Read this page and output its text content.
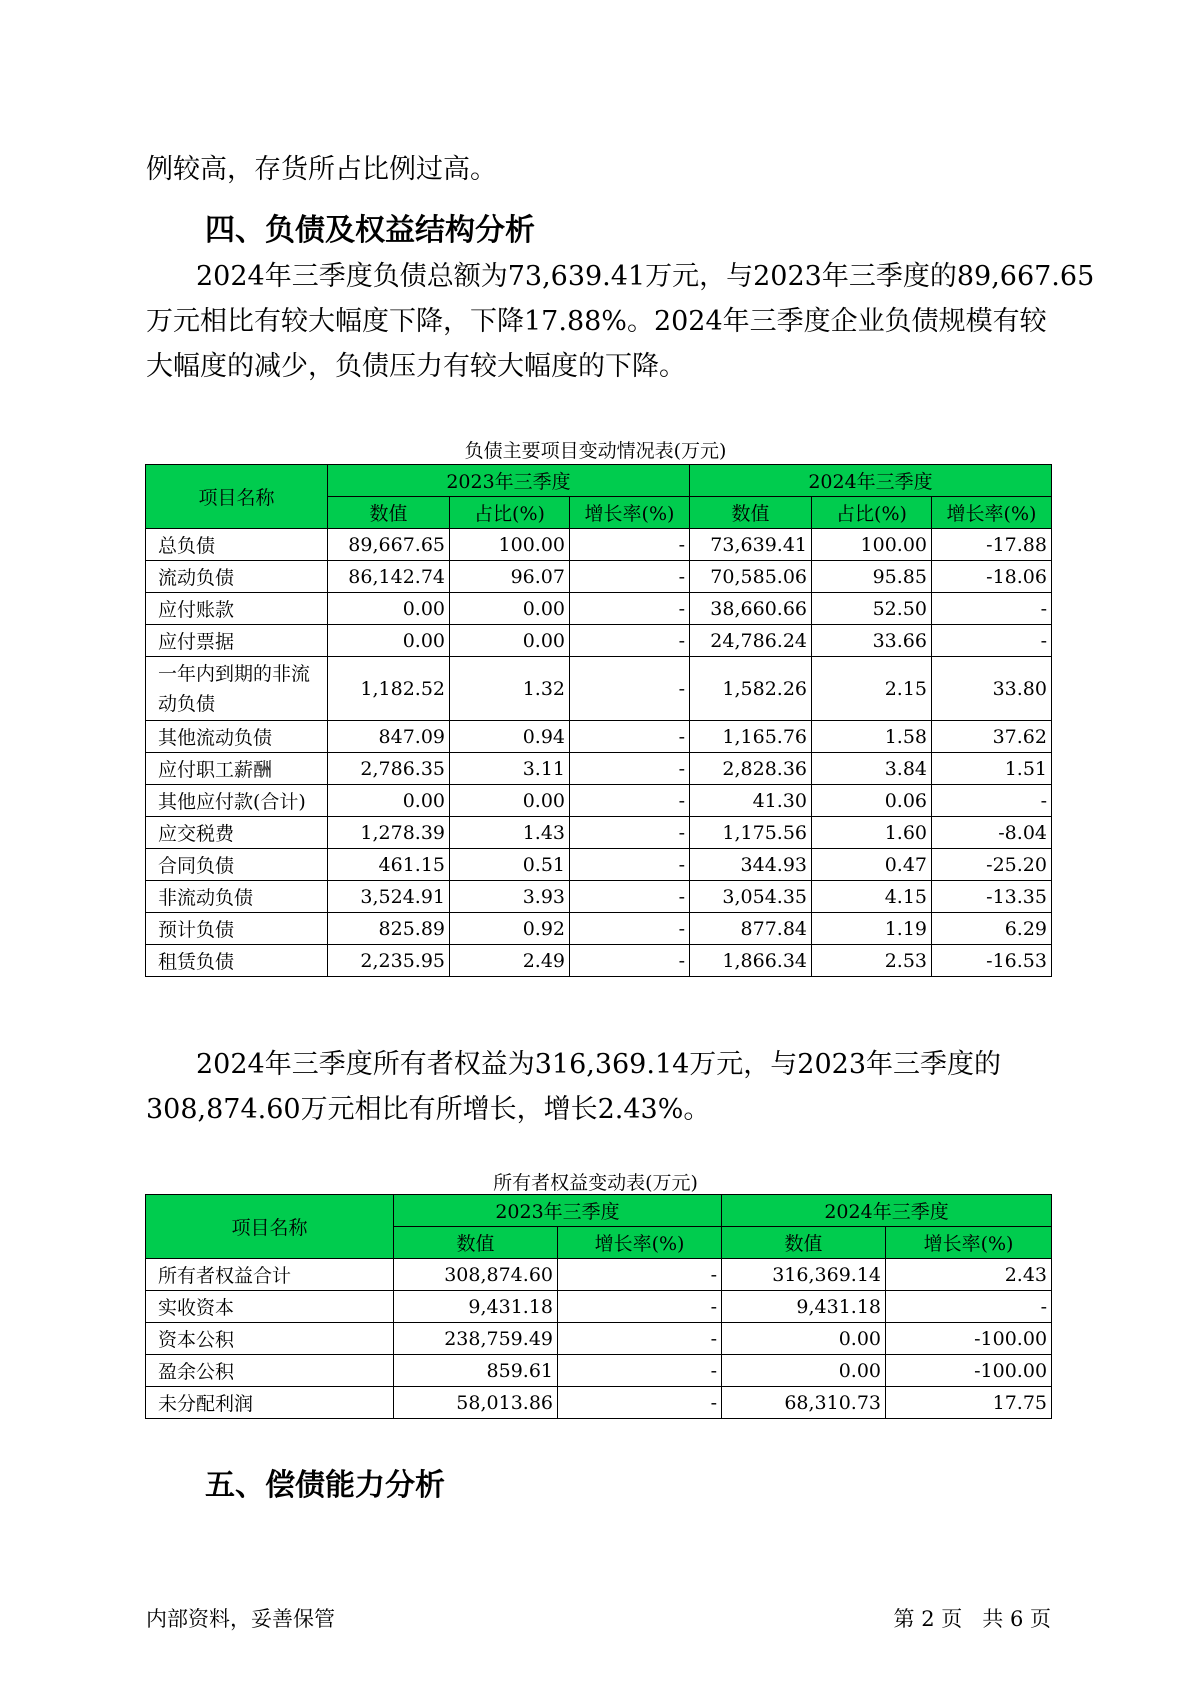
例较高，存货所占比例过高。

四、负债及权益结构分析

2024年三季度负债总额为73,639.41万元，与2023年三季度的89,667.65

万元相比有较大幅度下降，下降17.88%。2024年三季度企业负债规模有较

大幅度的减少，负债压力有较大幅度的下降。

负债主要项目变动情况表(万元)
项目名称	2023年三季度			2024年三季度		
	数值	占比(%)	增长率(%)	数值	占比(%)	增长率(%)
总负债	89,667.65	100.00	-	73,639.41	100.00	-17.88
流动负债	86,142.74	96.07	-	70,585.06	95.85	-18.06
应付账款	0.00	0.00	-	38,660.66	52.50	-
应付票据	0.00	0.00	-	24,786.24	33.66	-
一年内到期的非流动负债	1,182.52	1.32	-	1,582.26	2.15	33.80
其他流动负债	847.09	0.94	-	1,165.76	1.58	37.62
应付职工薪酬	2,786.35	3.11	-	2,828.36	3.84	1.51
其他应付款(合计)	0.00	0.00	-	41.30	0.06	-
应交税费	1,278.39	1.43	-	1,175.56	1.60	-8.04
合同负债	461.15	0.51	-	344.93	0.47	-25.20
非流动负债	3,524.91	3.93	-	3,054.35	4.15	-13.35
预计负债	825.89	0.92	-	877.84	1.19	6.29
租赁负债	2,235.95	2.49	-	1,866.34	2.53	-16.53

2024年三季度所有者权益为316,369.14万元，与2023年三季度的

308,874.60万元相比有所增长，增长2.43%。

所有者权益变动表(万元)
项目名称	2023年三季度		2024年三季度	
	数值	增长率(%)	数值	增长率(%)
所有者权益合计	308,874.60	-	316,369.14	2.43
实收资本	9,431.18	-	9,431.18	-
资本公积	238,759.49	-	0.00	-100.00
盈余公积	859.61	-	0.00	-100.00
未分配利润	58,013.86	-	68,310.73	17.75
五、偿债能力分析
内部资料，妥善保管	第 2 页   共 6 页
